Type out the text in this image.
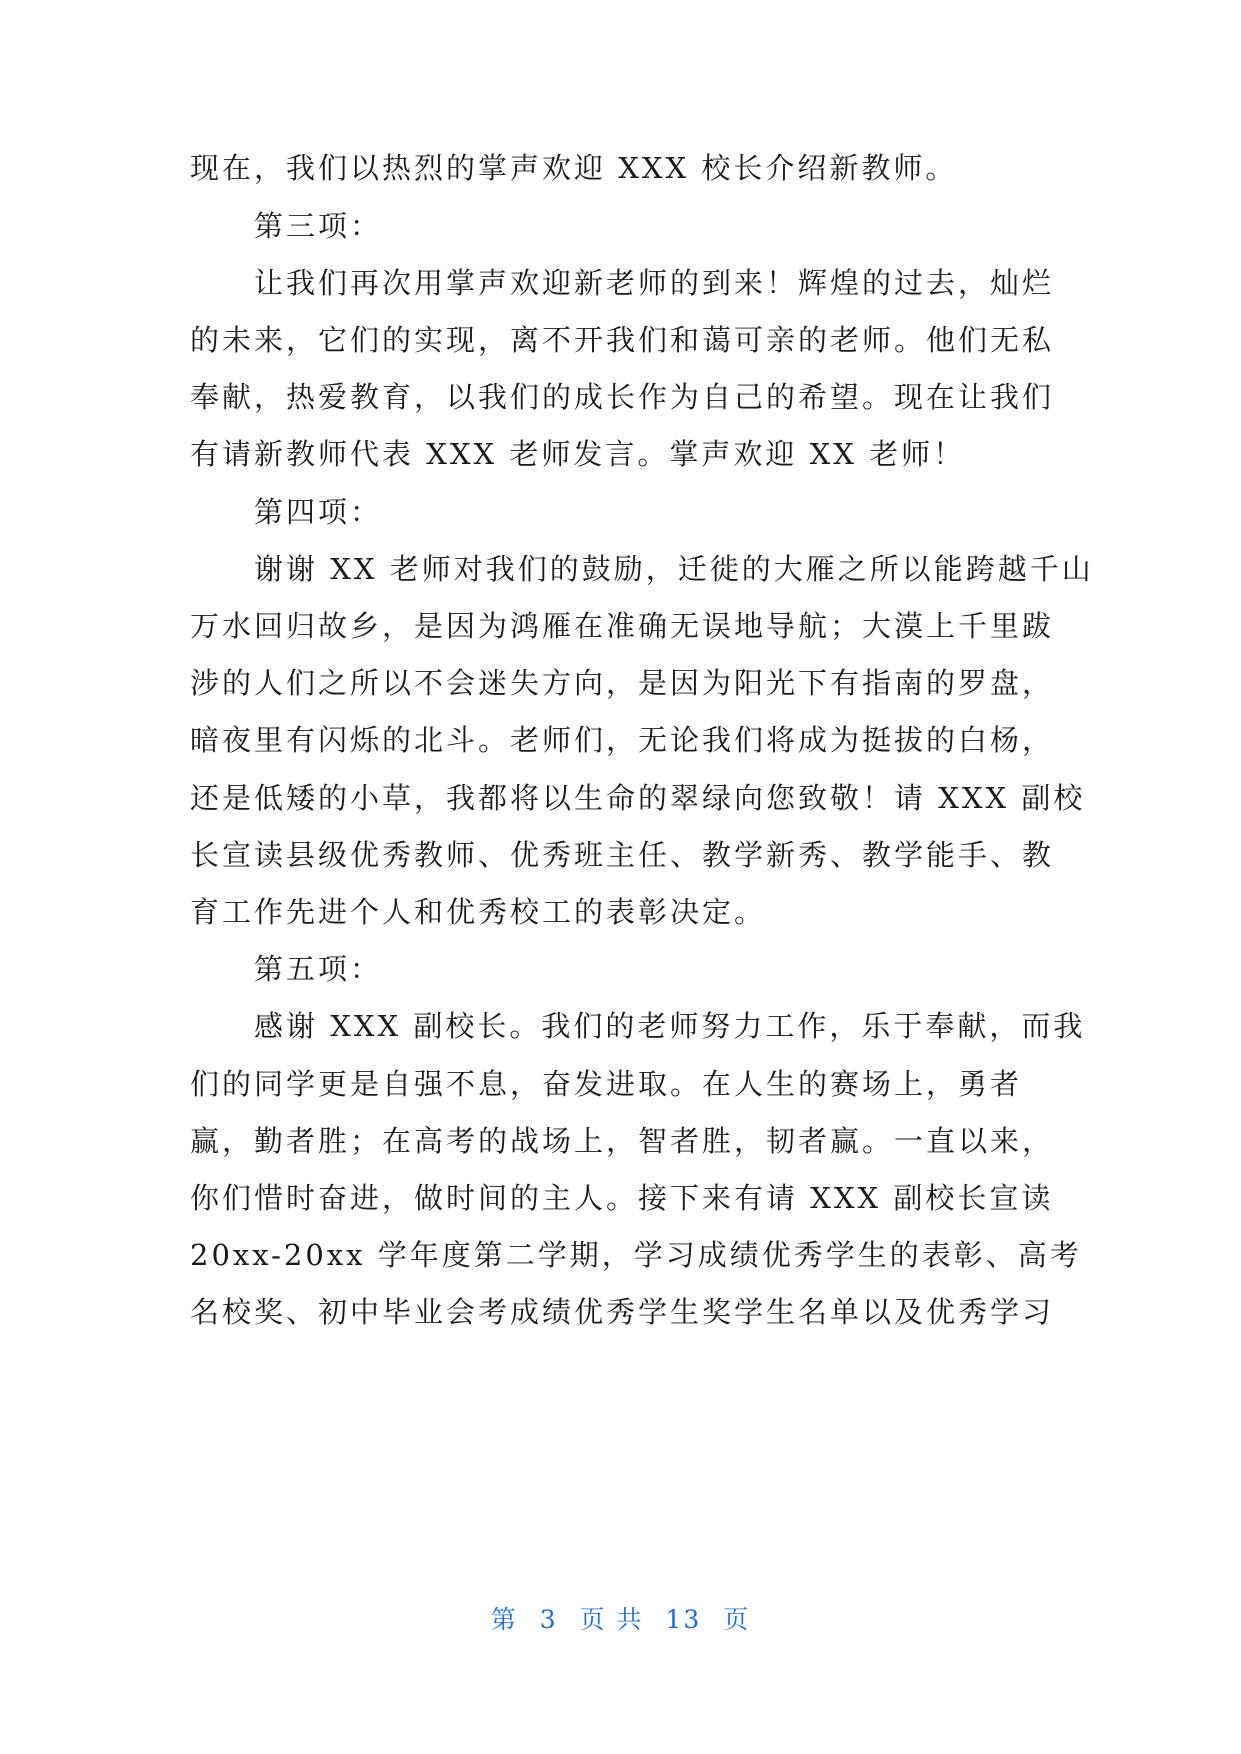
现在，我们以热烈的掌声欢迎 XXX 校长介绍新教师。
第三项：
让我们再次用掌声欢迎新老师的到来！辉煌的过去，灿烂
的未来，它们的实现，离不开我们和蔼可亲的老师。他们无私
奉献，热爱教育，以我们的成长作为自己的希望。现在让我们
有请新教师代表 XXX 老师发言。掌声欢迎 XX 老师！
第四项：
谢谢 XX 老师对我们的鼓励，迁徙的大雁之所以能跨越千山
万水回归故乡，是因为鸿雁在准确无误地导航；大漠上千里跋
涉的人们之所以不会迷失方向，是因为阳光下有指南的罗盘，
暗夜里有闪烁的北斗。老师们，无论我们将成为挺拔的白杨，
还是低矮的小草，我都将以生命的翠绿向您致敬！请 XXX 副校
长宣读县级优秀教师、优秀班主任、教学新秀、教学能手、教
育工作先进个人和优秀校工的表彰决定。
第五项：
感谢 XXX 副校长。我们的老师努力工作，乐于奉献，而我
们的同学更是自强不息，奋发进取。在人生的赛场上，勇者
赢，勤者胜；在高考的战场上，智者胜，韧者赢。一直以来，
你们惜时奋进，做时间的主人。接下来有请 XXX 副校长宣读
20xx-20xx 学年度第二学期，学习成绩优秀学生的表彰、高考
名校奖、初中毕业会考成绩优秀学生奖学生名单以及优秀学习
第 3 页 共 13 页
